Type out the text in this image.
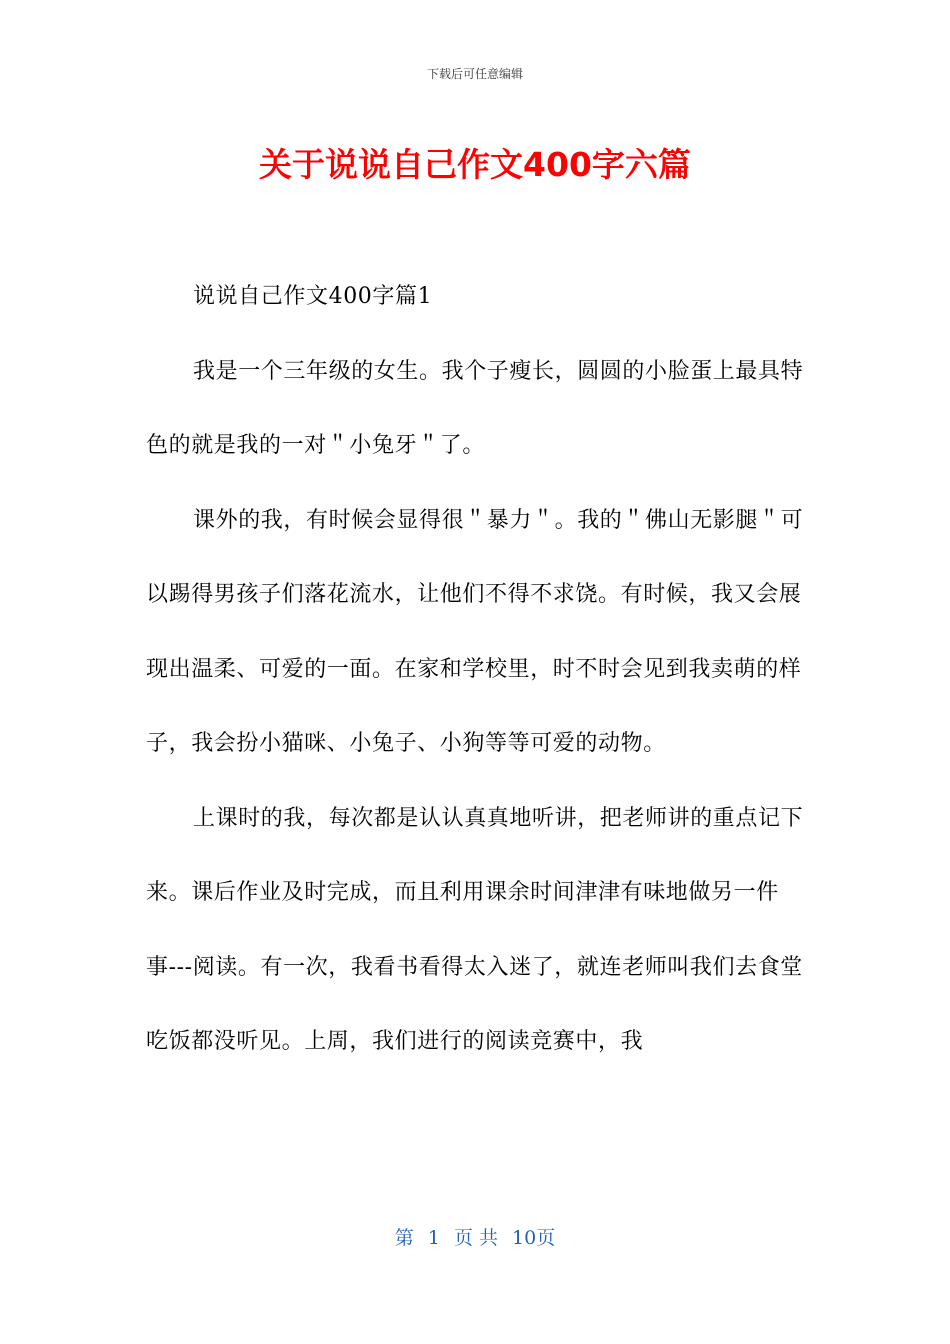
下载后可任意编辑
关于说说自己作文400字六篇

说说自己作文400字篇1

我是一个三年级的女生。我个子瘦长，圆圆的小脸蛋上最具特色的就是我的一对＂小兔牙＂了。

课外的我，有时候会显得很＂暴力＂。我的＂佛山无影腿＂可以踢得男孩子们落花流水，让他们不得不求饶。有时候，我又会展现出温柔、可爱的一面。在家和学校里，时不时会见到我卖萌的样子，我会扮小猫咪、小兔子、小狗等等可爱的动物。

上课时的我，每次都是认认真真地听讲，把老师讲的重点记下来。课后作业及时完成，而且利用课余时间津津有味地做另一件事---阅读。有一次，我看书看得太入迷了，就连老师叫我们去食堂吃饭都没听见。上周，我们进行的阅读竞赛中，我

第 1 页 共 10页
